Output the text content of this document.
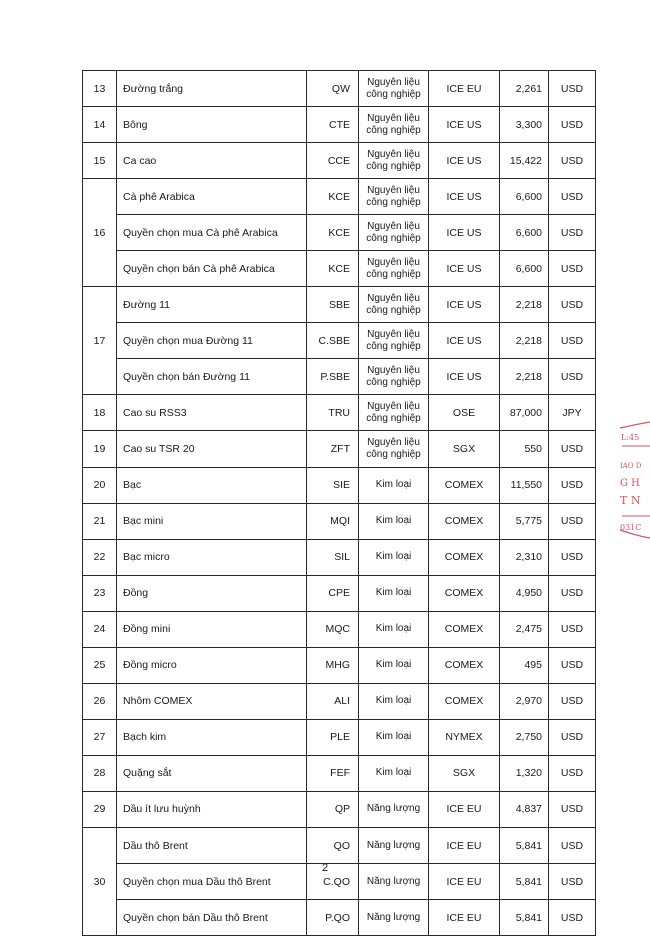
13	Đường trắng	QW	Nguyên liệu công nghiệp	ICE EU	2,261	USD
14	Bông	CTE	Nguyên liệu công nghiệp	ICE US	3,300	USD
15	Ca cao	CCE	Nguyên liệu công nghiệp	ICE US	15,422	USD
16	Cà phê Arabica	KCE	Nguyên liệu công nghiệp	ICE US	6,600	USD
	Quyền chọn mua Cà phê Arabica	KCE	Nguyên liệu công nghiệp	ICE US	6,600	USD
	Quyền chọn bán Cà phê Arabica	KCE	Nguyên liệu công nghiệp	ICE US	6,600	USD
17	Đường 11	SBE	Nguyên liệu công nghiệp	ICE US	2,218	USD
	Quyền chọn mua Đường 11	C.SBE	Nguyên liệu công nghiệp	ICE US	2,218	USD
	Quyền chọn bán Đường 11	P.SBE	Nguyên liệu công nghiệp	ICE US	2,218	USD
18	Cao su RSS3	TRU	Nguyên liệu công nghiệp	OSE	87,000	JPY
19	Cao su TSR 20	ZFT	Nguyên liệu công nghiệp	SGX	550	USD
20	Bạc	SIE	Kim loại	COMEX	11,550	USD
21	Bạc mini	MQI	Kim loại	COMEX	5,775	USD
22	Bạc micro	SIL	Kim loại	COMEX	2,310	USD
23	Đồng	CPE	Kim loại	COMEX	4,950	USD
24	Đồng mini	MQC	Kim loại	COMEX	2,475	USD
25	Đồng micro	MHG	Kim loại	COMEX	495	USD
26	Nhôm COMEX	ALI	Kim loại	COMEX	2,970	USD
27	Bạch kim	PLE	Kim loại	NYMEX	2,750	USD
28	Quặng sắt	FEF	Kim loại	SGX	1,320	USD
29	Dầu ít lưu huỳnh	QP	Năng lượng	ICE EU	4,837	USD
30	Dầu thô Brent	QO	Năng lượng	ICE EU	5,841	USD
	Quyền chọn mua Dầu thô Brent	C.QO	Năng lượng	ICE EU	5,841	USD
	Quyền chọn bán Dầu thô Brent	P.QO	Năng lượng	ICE EU	5,841	USD
2
L:45
IAO D
G H
T N
031C
